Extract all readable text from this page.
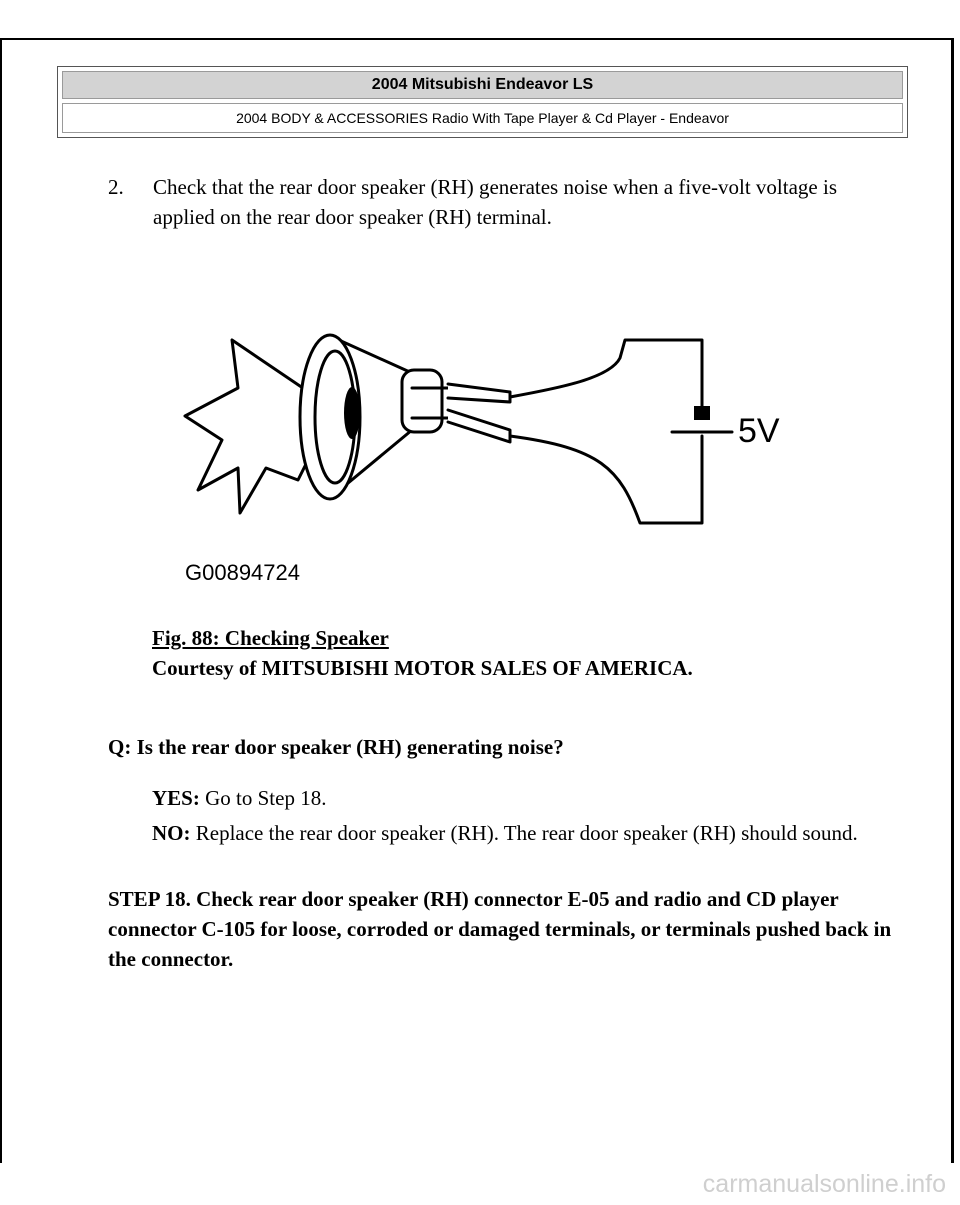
2004 Mitsubishi Endeavor LS
2004 BODY & ACCESSORIES Radio With Tape Player & Cd Player - Endeavor
2. Check that the rear door speaker (RH) generates noise when a five-volt voltage is applied on the rear door speaker (RH) terminal.
5V
G00894724
Fig. 88: Checking Speaker
Courtesy of MITSUBISHI MOTOR SALES OF AMERICA.
Q: Is the rear door speaker (RH) generating noise?
YES: Go to Step 18.
NO: Replace the rear door speaker (RH). The rear door speaker (RH) should sound.
STEP 18. Check rear door speaker (RH) connector E-05 and radio and CD player connector C-105 for loose, corroded or damaged terminals, or terminals pushed back in the connector.
carmanualsonline.info
